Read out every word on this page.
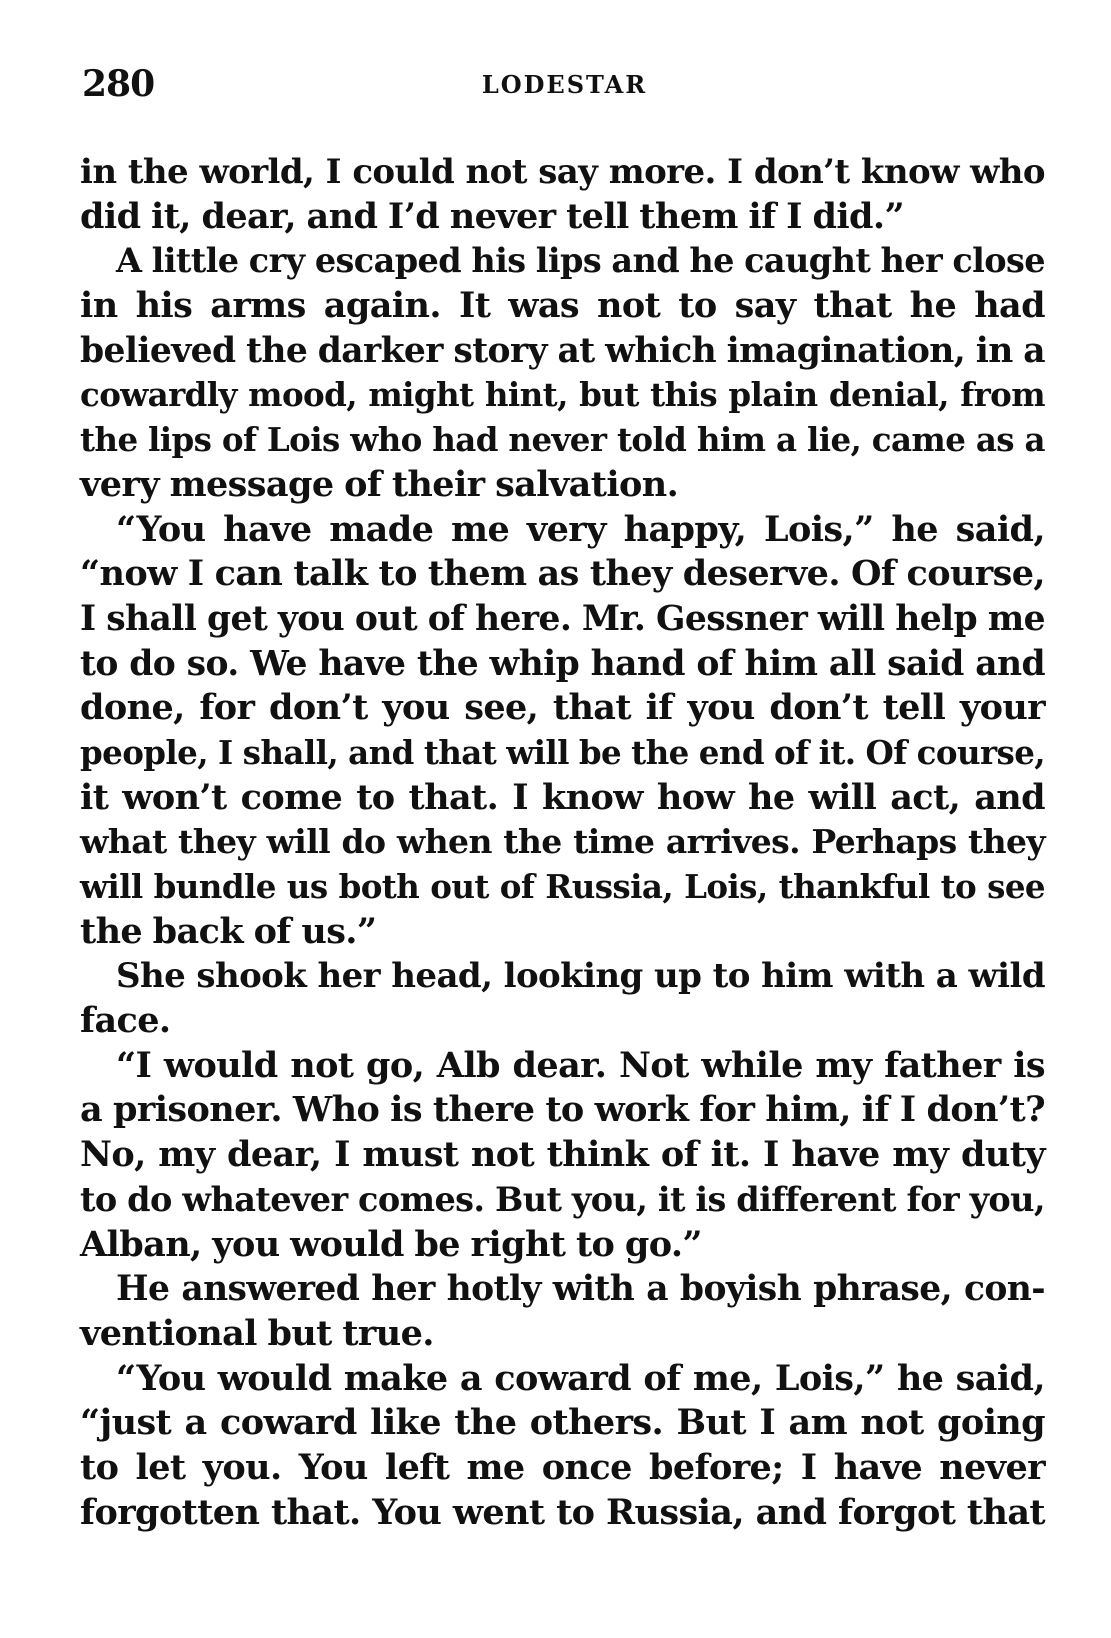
280	LODESTAR
in the world, I could not say more. I don’t know who
did it, dear, and I’d never tell them if I did.”
A little cry escaped his lips and he caught her close
in his arms again. It was not to say that he had
believed the darker story at which imagination, in a
cowardly mood, might hint, but this plain denial, from
the lips of Lois who had never told him a lie, came as a
very message of their salvation.
“You have made me very happy, Lois,” he said,
“now I can talk to them as they deserve. Of course,
I shall get you out of here. Mr. Gessner will help me
to do so. We have the whip hand of him all said and
done, for don’t you see, that if you don’t tell your
people, I shall, and that will be the end of it. Of course,
it won’t come to that. I know how he will act, and
what they will do when the time arrives. Perhaps they
will bundle us both out of Russia, Lois, thankful to see
the back of us.”
She shook her head, looking up to him with a wild
face.
“I would not go, Alb dear. Not while my father is
a prisoner. Who is there to work for him, if I don’t?
No, my dear, I must not think of it. I have my duty
to do whatever comes. But you, it is different for you,
Alban, you would be right to go.”
He answered her hotly with a boyish phrase, con-
ventional but true.
“You would make a coward of me, Lois,” he said,
“just a coward like the others. But I am not going
to let you. You left me once before; I have never
forgotten that. You went to Russia, and forgot that
